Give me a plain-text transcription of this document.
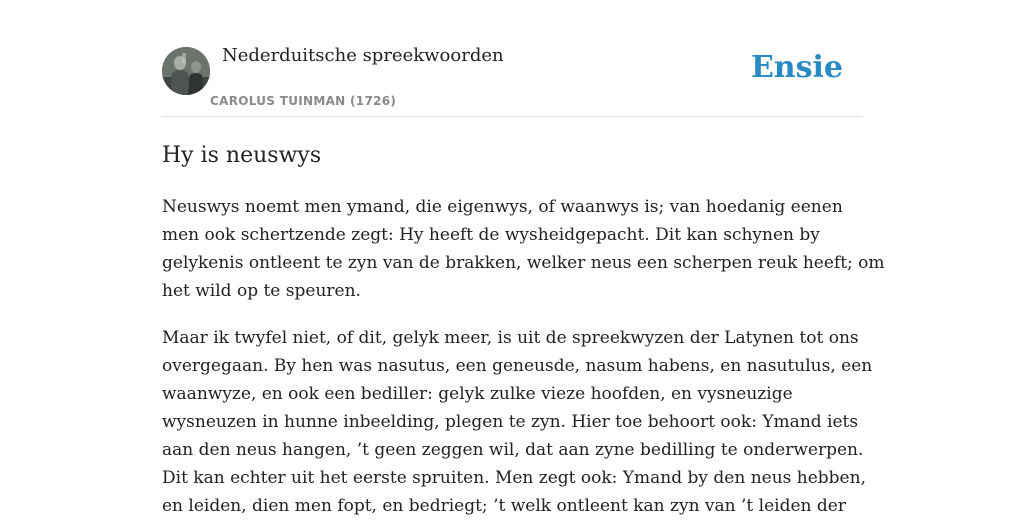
Nederduitsche spreekwoorden
CAROLUS TUINMAN (1726)
Ensie
Hy is neuswys

Neuswys noemt men ymand, die eigenwys, of waanwys is; van hoedanig eenen
men ook schertzende zegt: Hy heeft de wysheidgepacht. Dit kan schynen by
gelykenis ontleent te zyn van de brakken, welker neus een scherpen reuk heeft; om
het wild op te speuren.

Maar ik twyfel niet, of dit, gelyk meer, is uit de spreekwyzen der Latynen tot ons
overgegaan. By hen was nasutus, een geneusde, nasum habens, en nasutulus, een
waanwyze, en ook een bediller: gelyk zulke vieze hoofden, en vysneuzige
wysneuzen in hunne inbeelding, plegen te zyn. Hier toe behoort ook: Ymand iets
aan den neus hangen, ’t geen zeggen wil, dat aan zyne bedilling te onderwerpen.
Dit kan echter uit het eerste spruiten. Men zegt ook: Ymand by den neus hebben,
en leiden, dien men fopt, en bedriegt; ’t welk ontleent kan zyn van ’t leiden der
